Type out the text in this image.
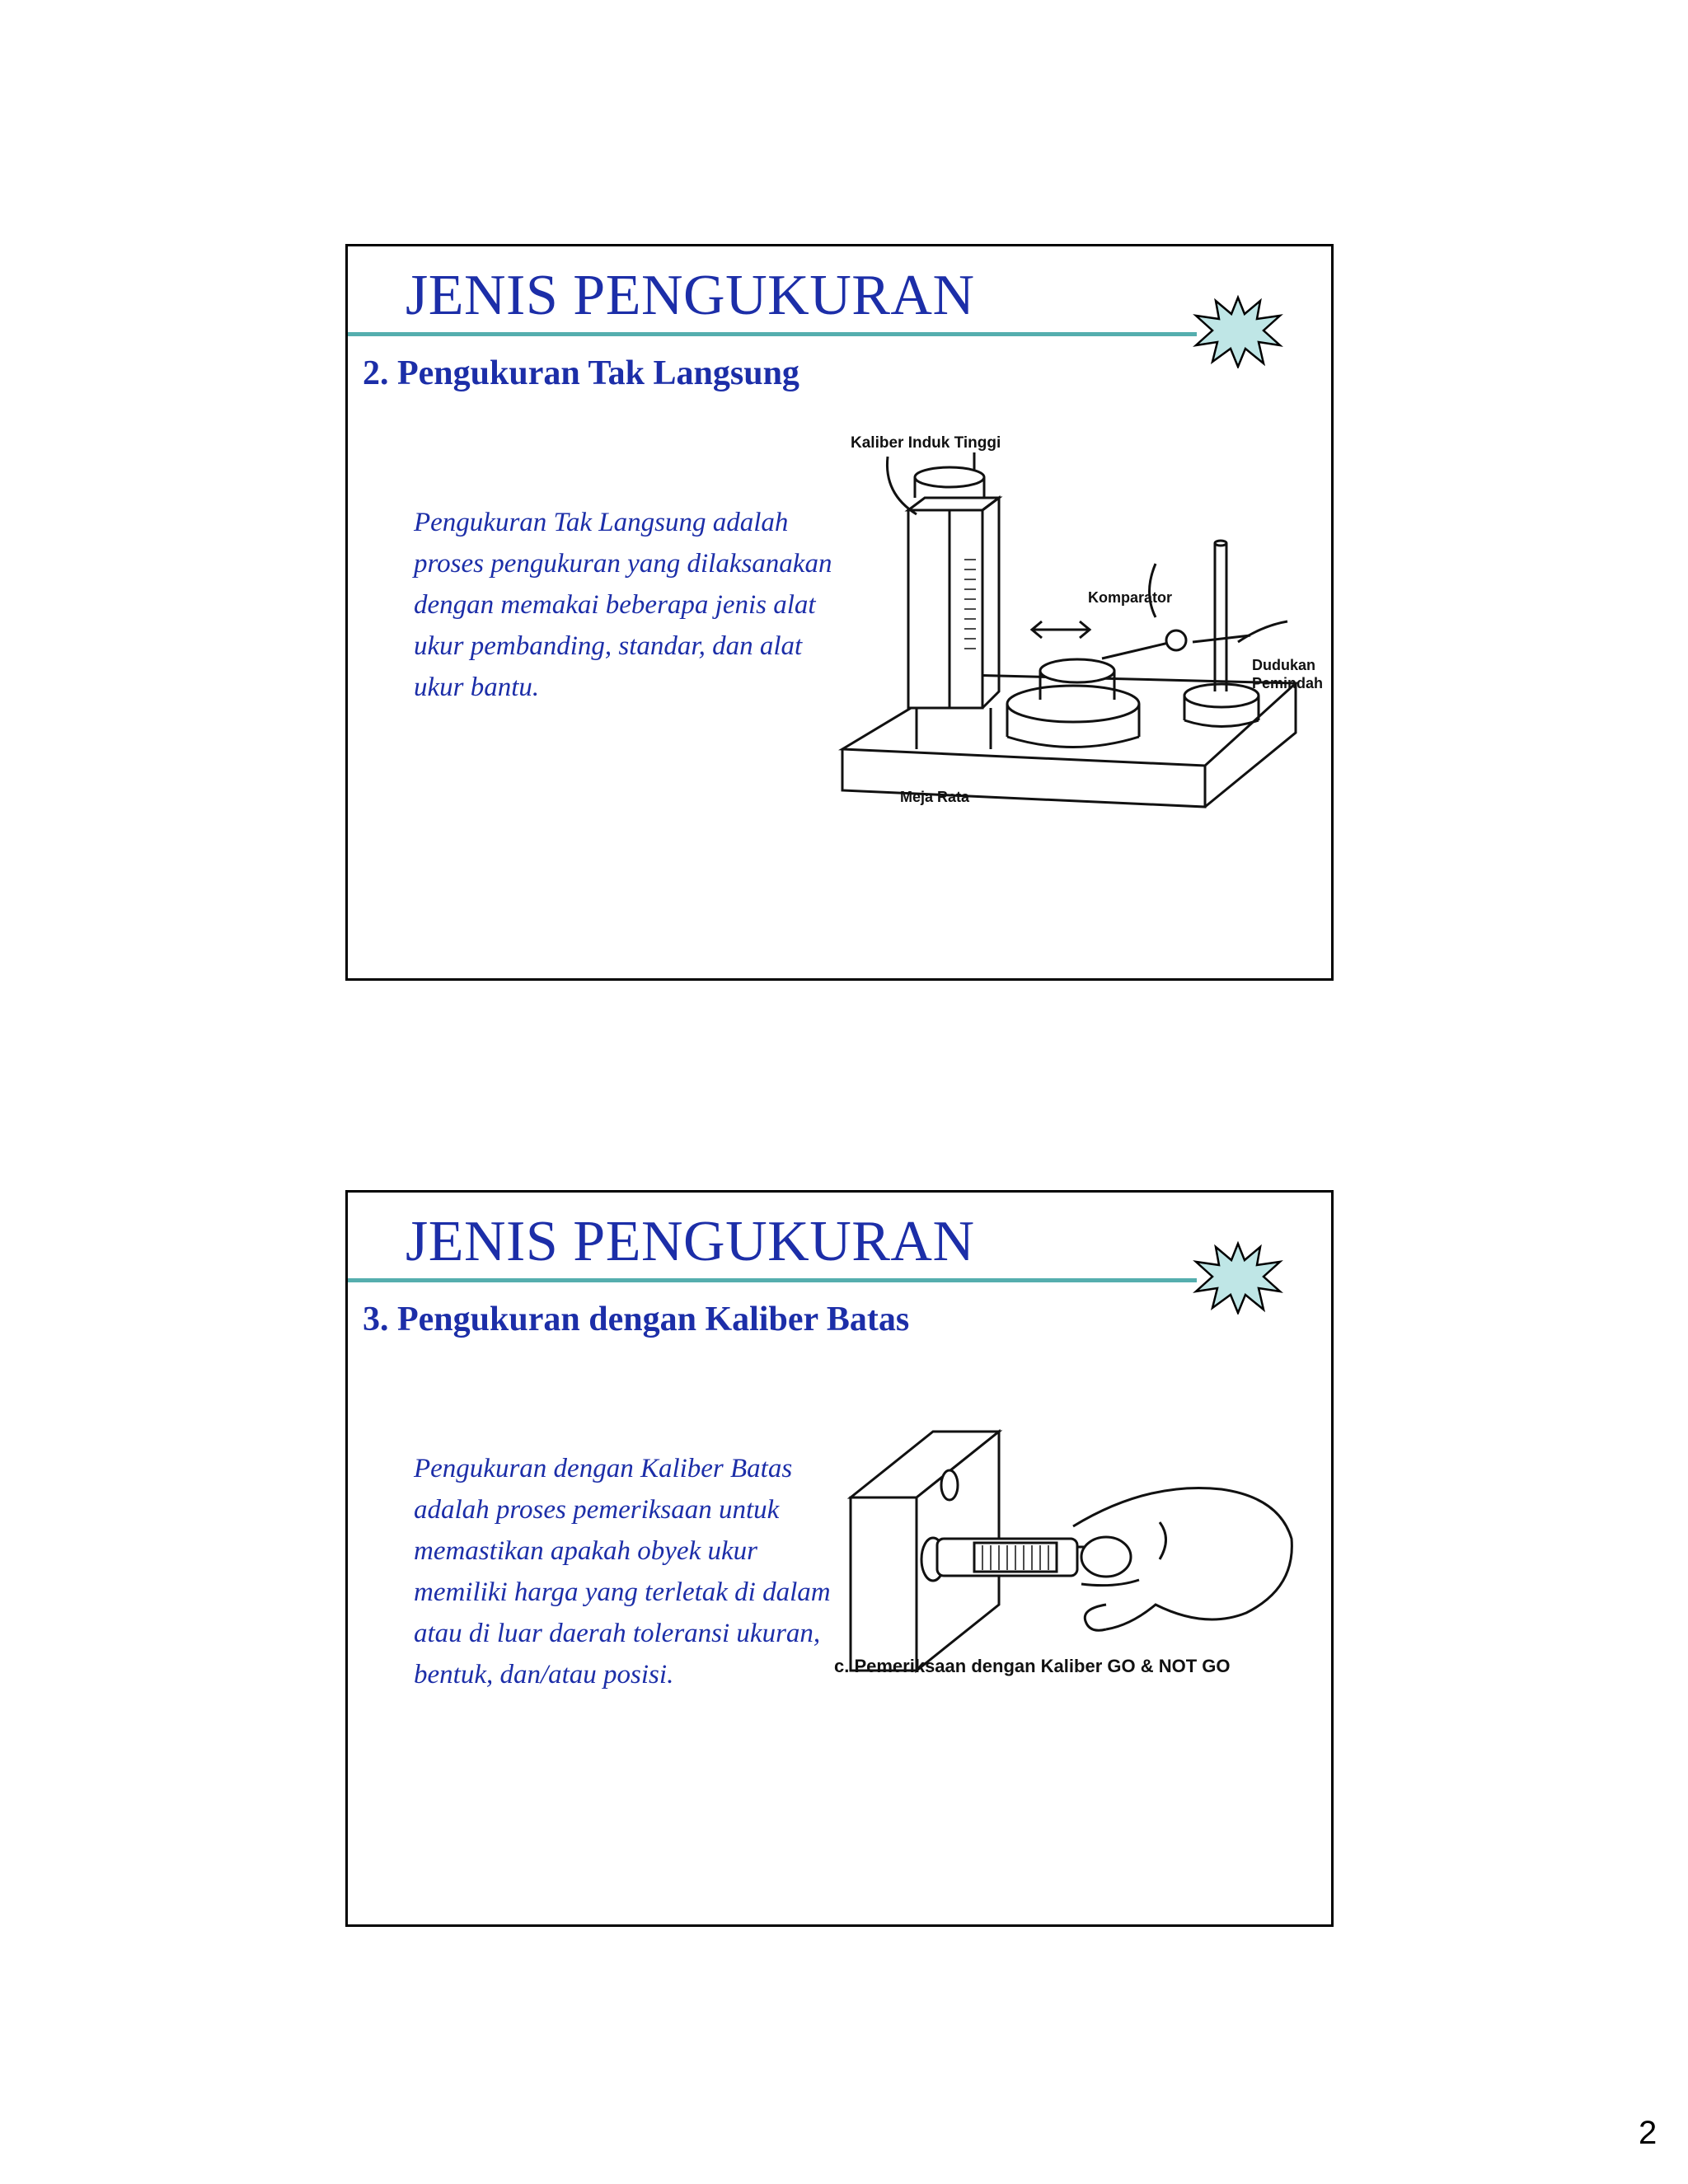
JENIS PENGUKURAN
2. Pengukuran Tak Langsung
Pengukuran Tak Langsung adalah proses pengukuran yang dilaksanakan dengan memakai beberapa jenis alat ukur pembanding, standar, dan alat ukur bantu.
Kaliber Induk Tinggi
Komparator
Dudukan
Pemindah
Meja Rata
JENIS PENGUKURAN
3. Pengukuran dengan Kaliber Batas
Pengukuran dengan Kaliber Batas adalah proses pemeriksaan untuk memastikan apakah obyek ukur memiliki harga yang terletak di dalam atau di luar daerah toleransi ukuran, bentuk, dan/atau posisi.	c. Pemeriksaan dengan Kaliber GO & NOT GO
2
